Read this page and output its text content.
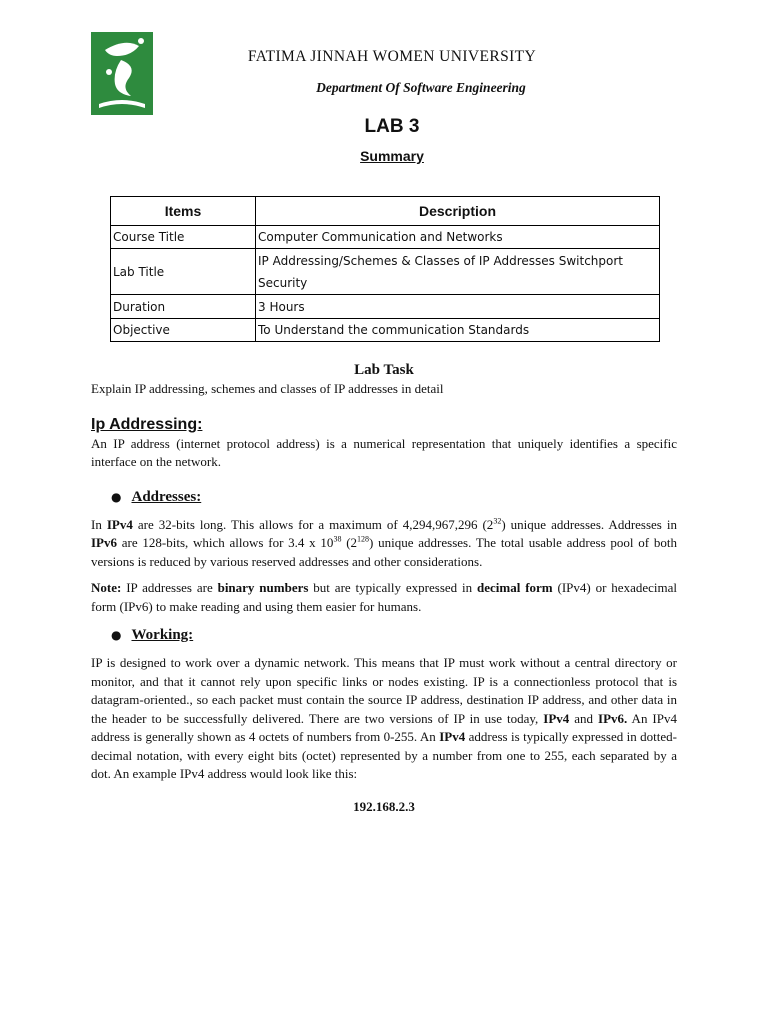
FATIMA JINNAH WOMEN UNIVERSITY
Department Of Software Engineering
LAB 3
Summary
Items	Description
Course Title	Computer Communication and Networks
Lab Title	IP Addressing/Schemes & Classes of IP Addresses Switchport Security
Duration	3 Hours
Objective	To Understand the communication Standards
Lab Task

Explain IP addressing, schemes and classes of IP addresses in detail

Ip Addressing:

An IP address (internet protocol address) is a numerical representation that uniquely identifies a specific interface on the network.

● Addresses:

In IPv4 are 32-bits long. This allows for a maximum of 4,294,967,296 $(2^{32})$ unique addresses. Addresses in IPv6 are 128-bits, which allows for 3.4 x $10^{38}$ $(2^{128})$ unique addresses. The total usable address pool of both versions is reduced by various reserved addresses and other considerations.

Note: IP addresses are binary numbers but are typically expressed in decimal form (IPv4) or hexadecimal form (IPv6) to make reading and using them easier for humans.

● Working:

IP is designed to work over a dynamic network. This means that IP must work without a central directory or monitor, and that it cannot rely upon specific links or nodes existing. IP is a connectionless protocol that is datagram-oriented., so each packet must contain the source IP address, destination IP address, and other data in the header to be successfully delivered. There are two versions of IP in use today, IPv4 and IPv6. An IPv4 address is generally shown as 4 octets of numbers from 0-255. An IPv4 address is typically expressed in dotted-decimal notation, with every eight bits (octet) represented by a number from one to 255, each separated by a dot. An example IPv4 address would look like this:

192.168.2.3
